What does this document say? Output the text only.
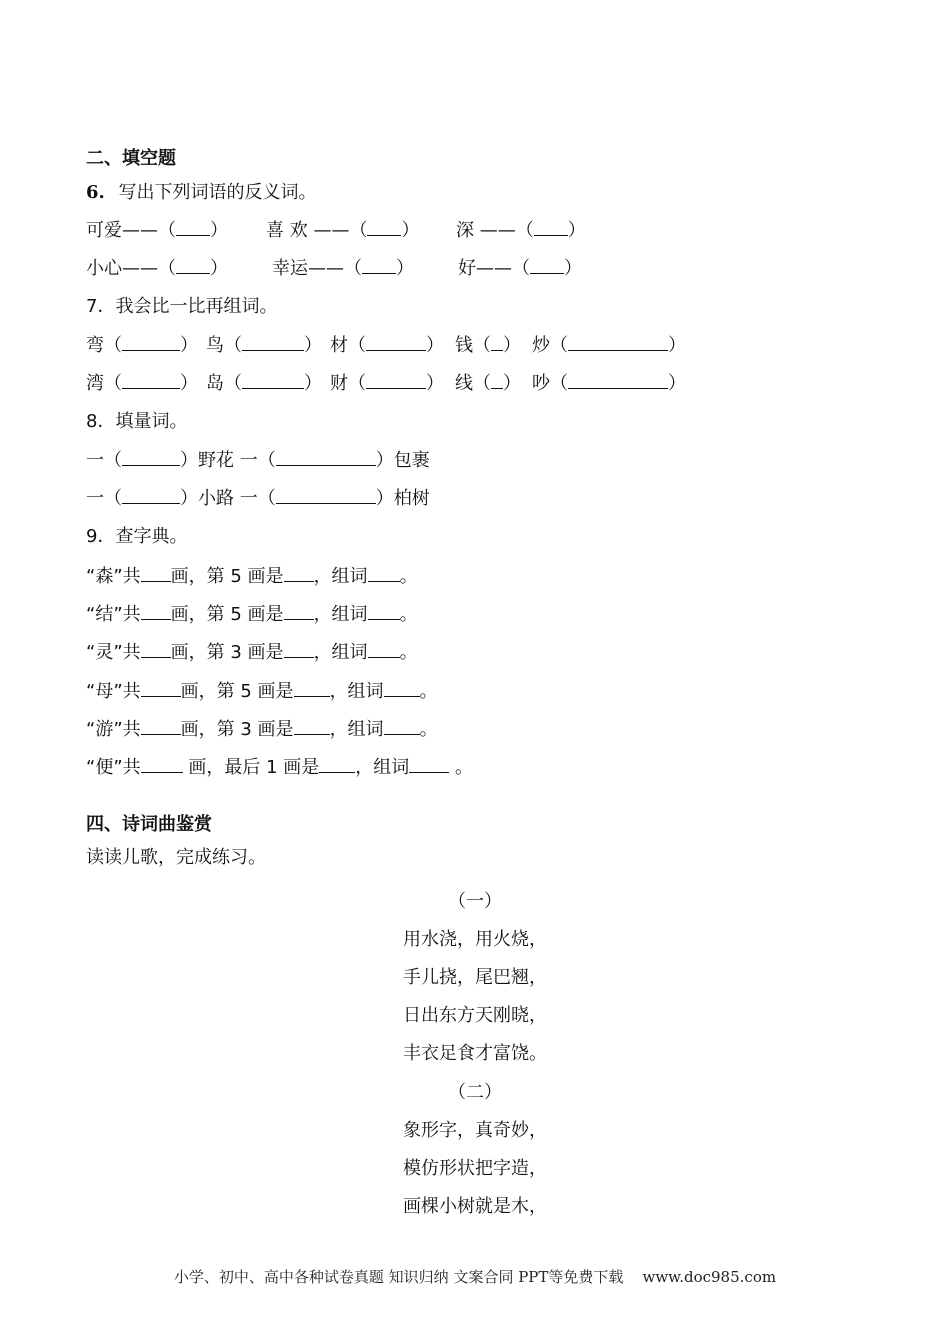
二、填空题
6. 写出下列词语的反义词。
可爱——（ ） 喜 欢 ——（ ） 深 ——（ ）
小心——（ ） 幸运——（ ） 好——（ ）
7．我会比一比再组词。
弯（	） 鸟（	） 材（	） 钱（ ） 炒（	）
湾（	） 岛（	） 财（	） 线（ ） 吵（	）
8．填量词。
一（	）野花 一（	）包裹
一（	）小路 一（	）柏树
9．查字典。
“森”共 画，第 5 画是 ，组词 。
“结”共 画，第 5 画是 ，组词 。
“灵”共 画，第 3 画是 ，组词 。
“母”共 画，第 5 画是 ，组词 。
“游”共 画，第 3 画是 ，组词 。
“便”共 画，最后 1 画是 ，组词 。
四、诗词曲鉴赏
读读儿歌，完成练习。
（一）
用水浇，用火烧，
手儿挠，尾巴翘，
日出东方天刚晓，
丰衣足食才富饶。
（二）
象形字，真奇妙，
模仿形状把字造，
画棵小树就是木，
小学、初中、高中各种试卷真题 知识归纳 文案合同 PPT等免费下载    www.doc985.com
